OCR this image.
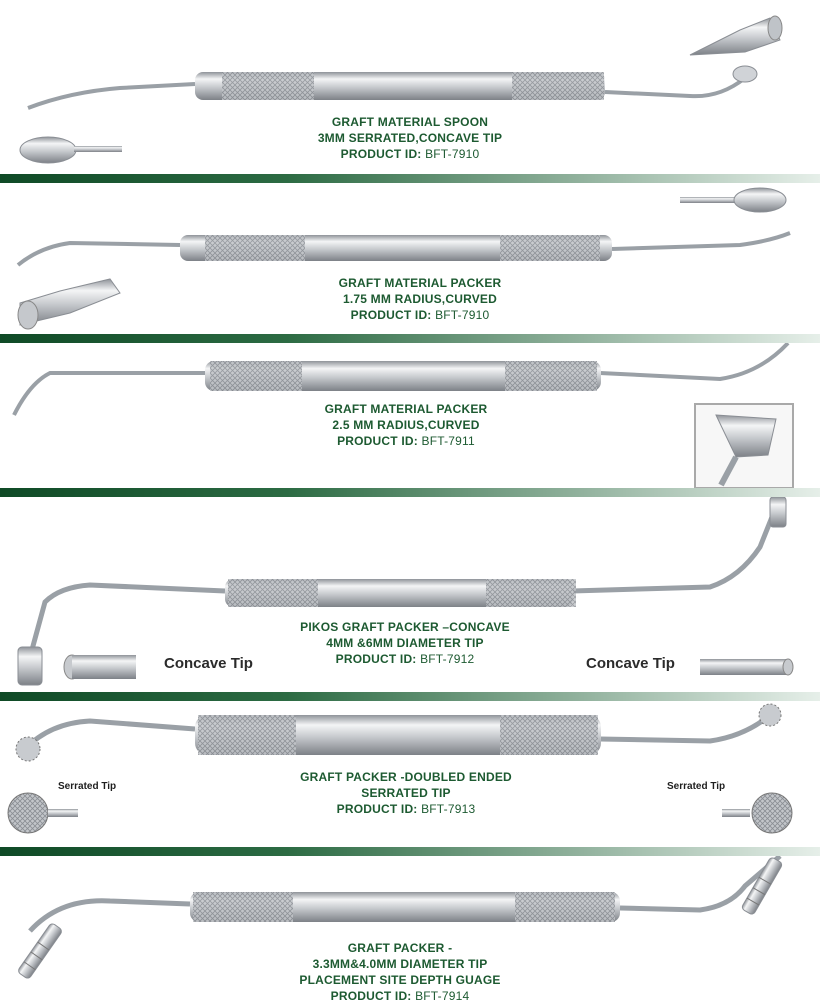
GRAFT MATERIAL SPOON
3MM SERRATED,CONCAVE TIP
PRODUCT ID: BFT-7910
GRAFT MATERIAL PACKER
1.75 MM RADIUS,CURVED
PRODUCT ID: BFT-7910
GRAFT MATERIAL PACKER
2.5 MM RADIUS,CURVED
PRODUCT ID: BFT-7911
Concave Tip	Concave Tip
PIKOS GRAFT PACKER –CONCAVE
4MM &6MM DIAMETER TIP
PRODUCT ID: BFT-7912
Serrated Tip	Serrated Tip
GRAFT PACKER -DOUBLED ENDED
SERRATED TIP
PRODUCT ID: BFT-7913
GRAFT PACKER -
3.3MM&4.0MM DIAMETER TIP
PLACEMENT SITE DEPTH GUAGE
PRODUCT ID: BFT-7914
